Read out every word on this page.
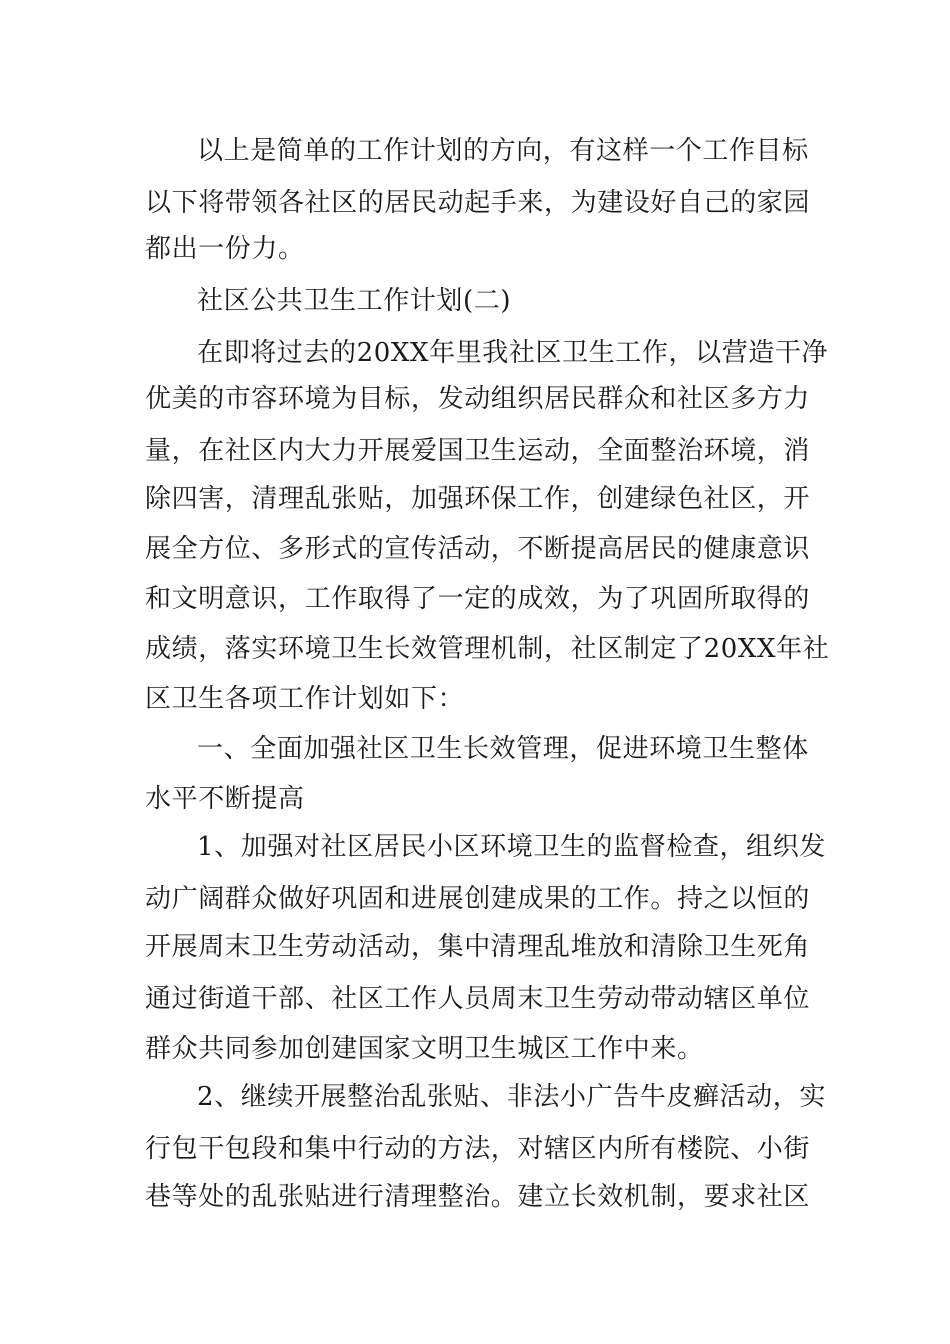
以上是简单的工作计划的方向，有这样一个工作目标
以下将带领各社区的居民动起手来，为建设好自己的家园
都出一份力。
社区公共卫生工作计划(二)
在即将过去的20XX年里我社区卫生工作，以营造干净
优美的市容环境为目标，发动组织居民群众和社区多方力
量，在社区内大力开展爱国卫生运动，全面整治环境，消
除四害，清理乱张贴，加强环保工作，创建绿色社区，开
展全方位、多形式的宣传活动，不断提高居民的健康意识
和文明意识，工作取得了一定的成效，为了巩固所取得的
成绩，落实环境卫生长效管理机制，社区制定了20XX年社
区卫生各项工作计划如下：
一、全面加强社区卫生长效管理，促进环境卫生整体
水平不断提高
1、加强对社区居民小区环境卫生的监督检查，组织发
动广阔群众做好巩固和进展创建成果的工作。持之以恒的
开展周末卫生劳动活动，集中清理乱堆放和清除卫生死角
通过街道干部、社区工作人员周末卫生劳动带动辖区单位
群众共同参加创建国家文明卫生城区工作中来。
2、继续开展整治乱张贴、非法小广告牛皮癣活动，实
行包干包段和集中行动的方法，对辖区内所有楼院、小街
巷等处的乱张贴进行清理整治。建立长效机制，要求社区
